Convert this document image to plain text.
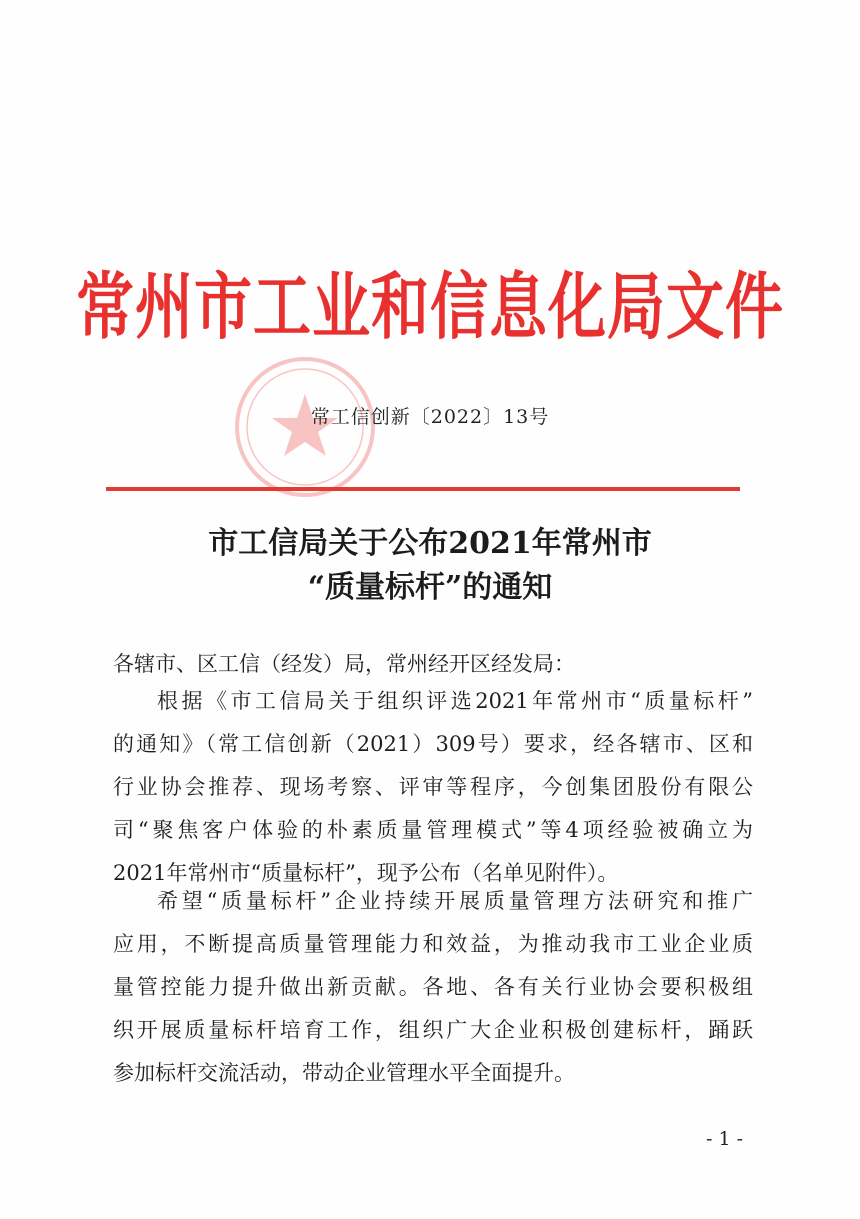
常州市工业和信息化局文件
常工信创新〔2022〕13号
市工信局关于公布2021年常州市
“质量标杆”的通知
各辖市、区工信（经发）局，常州经开区经发局：
根据《市工信局关于组织评选2021年常州市“质量标杆”
的通知》（常工信创新（2021）309号）要求，经各辖市、区和
行业协会推荐、现场考察、评审等程序，今创集团股份有限公
司“聚焦客户体验的朴素质量管理模式”等4项经验被确立为
2021年常州市“质量标杆”，现予公布（名单见附件）。
希望“质量标杆”企业持续开展质量管理方法研究和推广
应用，不断提高质量管理能力和效益，为推动我市工业企业质
量管控能力提升做出新贡献。各地、各有关行业协会要积极组
织开展质量标杆培育工作，组织广大企业积极创建标杆，踊跃
参加标杆交流活动，带动企业管理水平全面提升。
- 1 -
